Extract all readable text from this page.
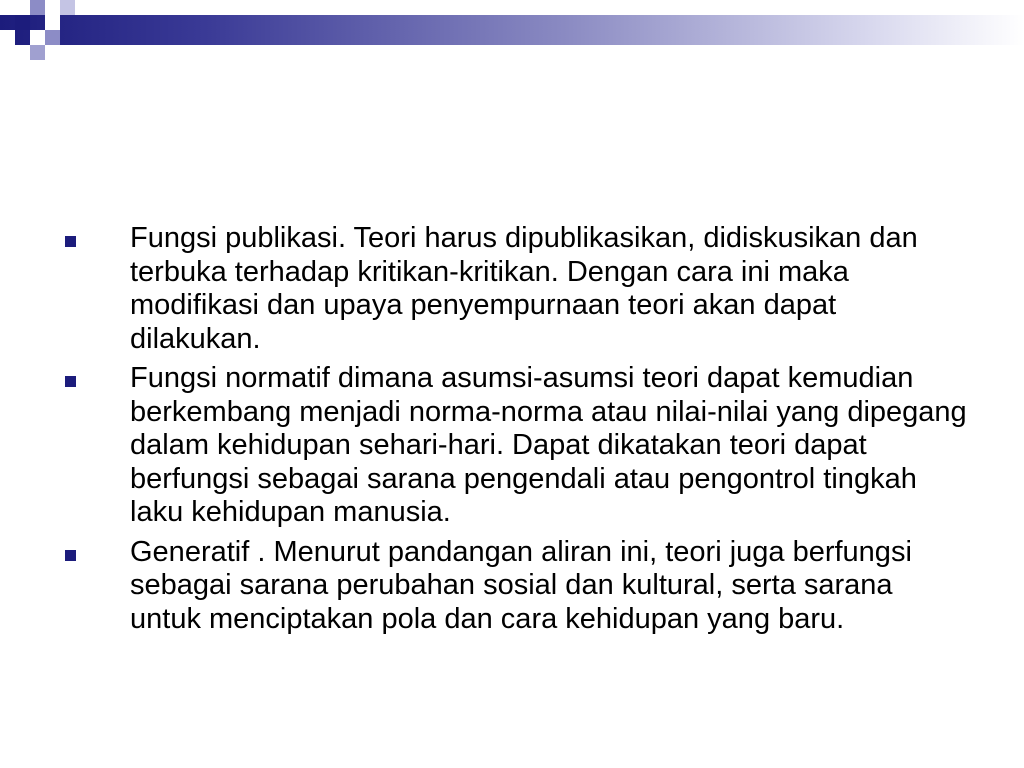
Fungsi publikasi. Teori harus dipublikasikan, didiskusikan dan terbuka terhadap kritikan-kritikan. Dengan cara ini maka modifikasi dan upaya penyempurnaan teori akan dapat dilakukan.
Fungsi normatif dimana asumsi-asumsi teori dapat kemudian berkembang menjadi norma-norma atau nilai-nilai yang dipegang dalam kehidupan sehari-hari. Dapat dikatakan teori dapat berfungsi sebagai sarana pengendali atau pengontrol tingkah laku kehidupan manusia.
Generatif . Menurut pandangan aliran ini, teori juga berfungsi sebagai sarana perubahan sosial dan kultural, serta sarana untuk menciptakan pola dan cara kehidupan yang baru.
